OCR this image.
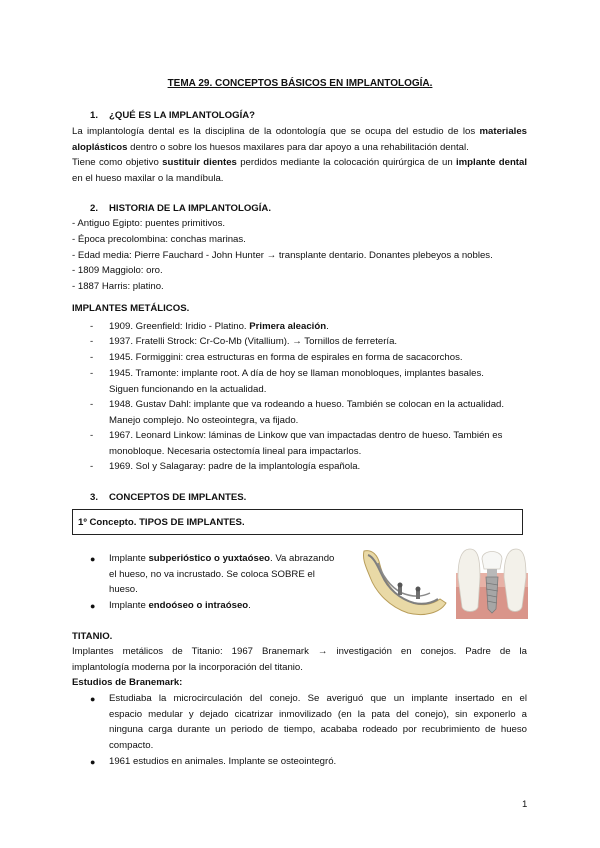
TEMA 29. CONCEPTOS BÁSICOS EN IMPLANTOLOGÍA.
1. ¿QUÉ ES LA IMPLANTOLOGÍA?
La implantología dental es la disciplina de la odontología que se ocupa del estudio de los materiales aloplásticos dentro o sobre los huesos maxilares para dar apoyo a una rehabilitación dental.
Tiene como objetivo sustituir dientes perdidos mediante la colocación quirúrgica de un implante dental en el hueso maxilar o la mandíbula.
2. HISTORIA DE LA IMPLANTOLOGÍA.
- Antiguo Egipto: puentes primitivos.
- Época precolombina: conchas marinas.
- Edad media: Pierre Fauchard - John Hunter → transplante dentario. Donantes plebeyos a nobles.
- 1809 Maggiolo: oro.
- 1887 Harris: platino.
IMPLANTES METÁLICOS.
- 1909. Greenfield: Iridio - Platino. Primera aleación.
- 1937. Fratelli Strock: Cr-Co-Mb (Vitallium). → Tornillos de ferretería.
- 1945. Formiggini: crea estructuras en forma de espirales en forma de sacacorchos.
- 1945. Tramonte: implante root. A día de hoy se llaman monobloques, implantes basales.
Siguen funcionando en la actualidad.
- 1948. Gustav Dahl: implante que va rodeando a hueso. También se colocan en la actualidad.
Manejo complejo. No osteointegra, va fijado.
- 1967. Leonard Linkow: láminas de Linkow que van impactadas dentro de hueso. También es
monobloque. Necesaria ostectomía lineal para impactarlos.
- 1969. Sol y Salagaray: padre de la implantología española.
3. CONCEPTOS DE IMPLANTES.
1º Concepto. TIPOS DE IMPLANTES.
● Implante subperióstico o yuxtaóseo. Va abrazando
el hueso, no va incrustado. Se coloca SOBRE el
hueso.
● Implante endoóseo o intraóseo.
TITANIO.
Implantes metálicos de Titanio: 1967 Branemark → investigación en conejos. Padre de la
implantología moderna por la incorporación del titanio.
Estudios de Branemark:
● Estudiaba la microcirculación del conejo. Se averiguó que un implante insertado en el
espacio medular y dejado cicatrizar inmovilizado (en la pata del conejo), sin exponerlo a
ninguna carga durante un periodo de tiempo, acababa rodeado por recubrimiento de hueso
compacto.
● 1961 estudios en animales. Implante se osteointegró.
1
